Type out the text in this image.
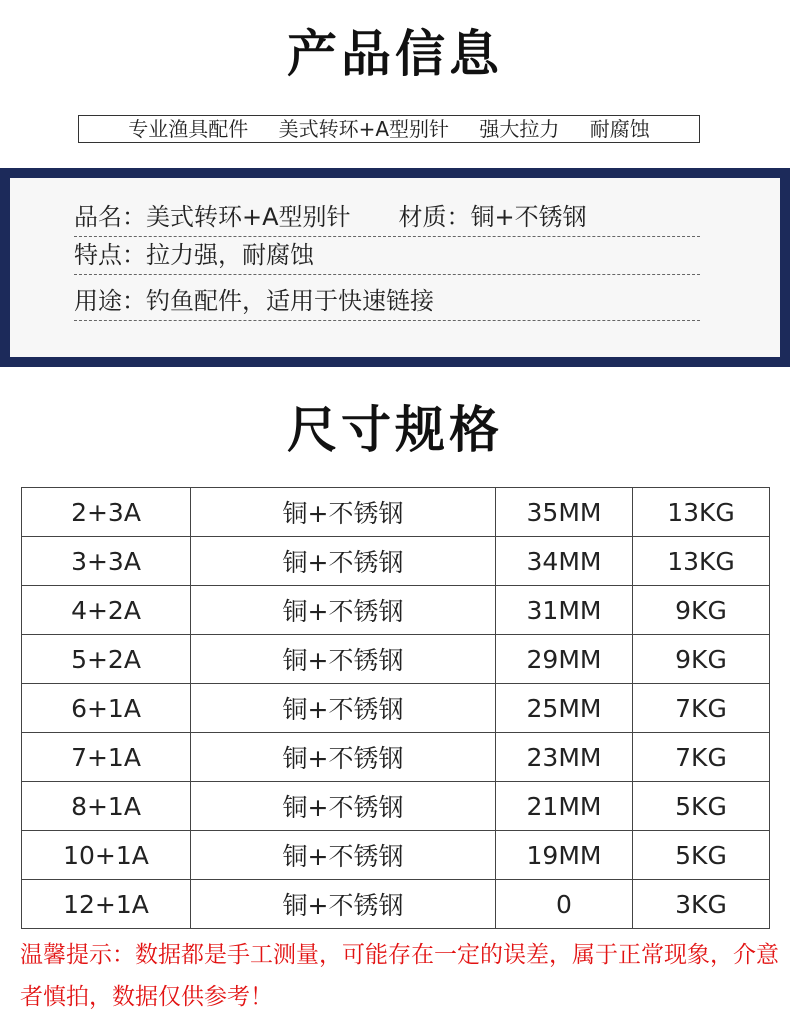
产品信息
专业渔具配件 美式转环+A型别针 强大拉力 耐腐蚀
品名：美式转环+A型别针 材质：铜+不锈钢
特点：拉力强，耐腐蚀
用途：钓鱼配件，适用于快速链接
尺寸规格
2+3A	铜+不锈钢	35MM	13KG
3+3A	铜+不锈钢	34MM	13KG
4+2A	铜+不锈钢	31MM	9KG
5+2A	铜+不锈钢	29MM	9KG
6+1A	铜+不锈钢	25MM	7KG
7+1A	铜+不锈钢	23MM	7KG
8+1A	铜+不锈钢	21MM	5KG
10+1A	铜+不锈钢	19MM	5KG
12+1A	铜+不锈钢	0	3KG
温馨提示：数据都是手工测量，可能存在一定的误差，属于正常现象，介意者慎拍，数据仅供参考！
